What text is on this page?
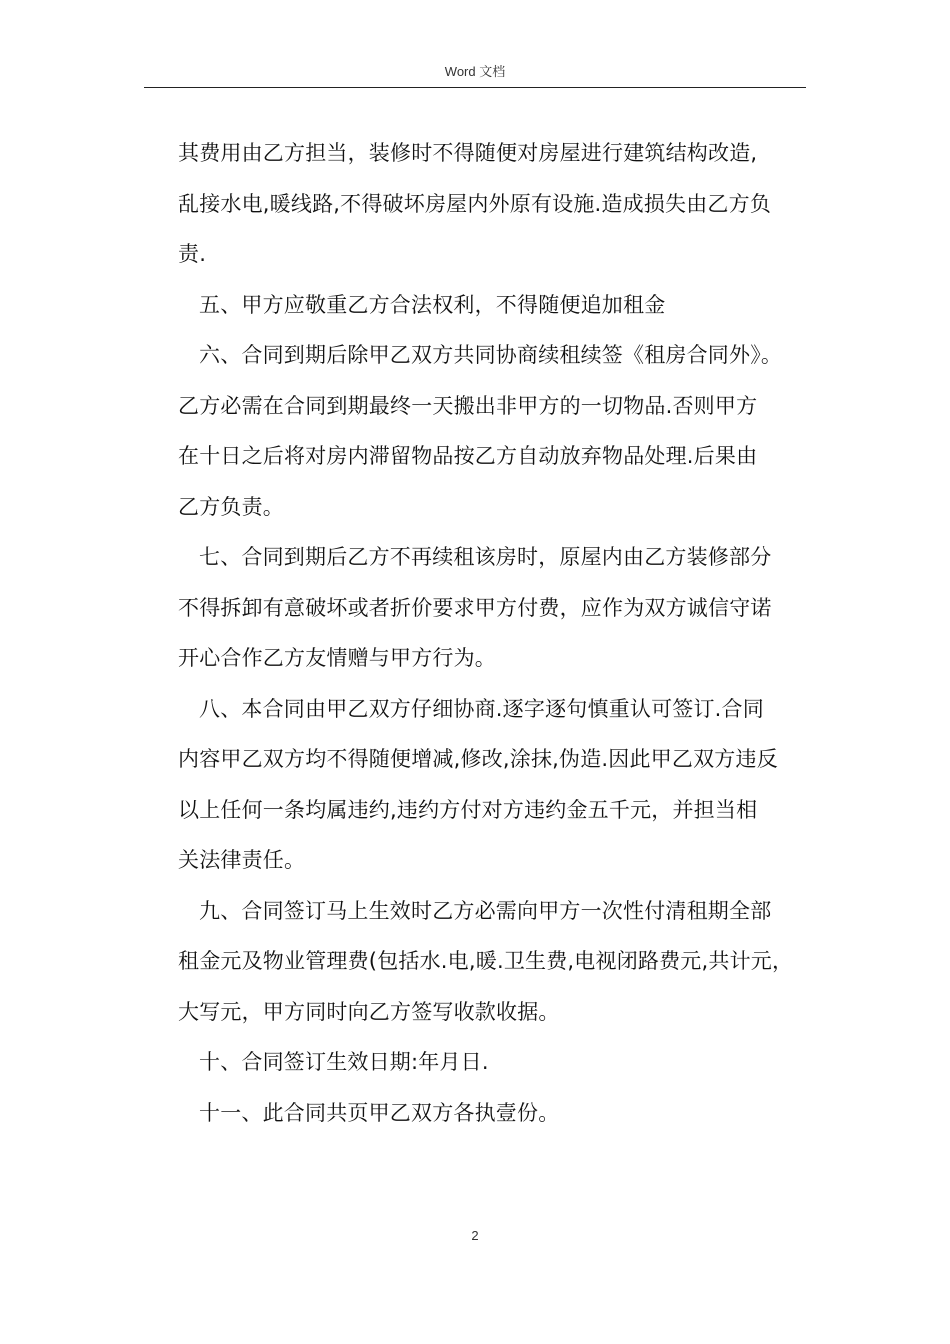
Word 文档
其费用由乙方担当，装修时不得随便对房屋进行建筑结构改造,
乱接水电,暖线路,不得破坏房屋内外原有设施.造成损失由乙方负
责.
五、甲方应敬重乙方合法权利，不得随便追加租金
六、合同到期后除甲乙双方共同协商续租续签《租房合同外》。
乙方必需在合同到期最终一天搬出非甲方的一切物品.否则甲方
在十日之后将对房内滞留物品按乙方自动放弃物品处理.后果由
乙方负责。
七、合同到期后乙方不再续租该房时，原屋内由乙方装修部分
不得拆卸有意破坏或者折价要求甲方付费，应作为双方诚信守诺
开心合作乙方友情赠与甲方行为。
八、本合同由甲乙双方仔细协商.逐字逐句慎重认可签订.合同
内容甲乙双方均不得随便增减,修改,涂抹,伪造.因此甲乙双方违反
以上任何一条均属违约,违约方付对方违约金五千元，并担当相
关法律责任。
九、合同签订马上生效时乙方必需向甲方一次性付清租期全部
租金元及物业管理费(包括水.电,暖.卫生费,电视闭路费元,共计元，
大写元，甲方同时向乙方签写收款收据。
十、合同签订生效日期:年月日.
十一、此合同共页甲乙双方各执壹份。
2
